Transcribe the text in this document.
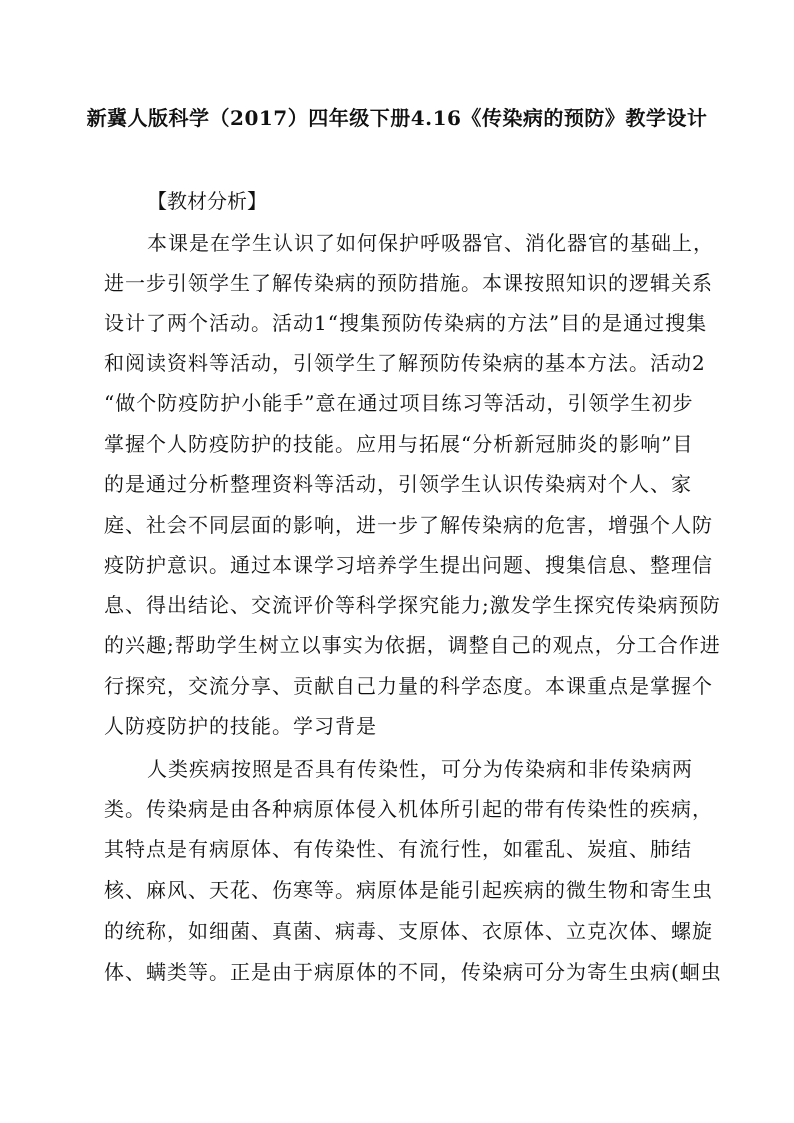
新冀人版科学（2017）四年级下册4.16《传染病的预防》教学设计
【教材分析】
本课是在学生认识了如何保护呼吸器官、消化器官的基础上，
进一步引领学生了解传染病的预防措施。本课按照知识的逻辑关系
设计了两个活动。活动1“搜集预防传染病的方法”目的是通过搜集
和阅读资料等活动，引领学生了解预防传染病的基本方法。活动2
“做个防疫防护小能手”意在通过项目练习等活动，引领学生初步
掌握个人防疫防护的技能。应用与拓展“分析新冠肺炎的影响”目
的是通过分析整理资料等活动，引领学生认识传染病对个人、家
庭、社会不同层面的影响，进一步了解传染病的危害，增强个人防
疫防护意识。通过本课学习培养学生提出问题、搜集信息、整理信
息、得出结论、交流评价等科学探究能力;激发学生探究传染病预防
的兴趣;帮助学生树立以事实为依据，调整自己的观点，分工合作进
行探究，交流分享、贡献自己力量的科学态度。本课重点是掌握个
人防疫防护的技能。学习背是
人类疾病按照是否具有传染性，可分为传染病和非传染病两
类。传染病是由各种病原体侵入机体所引起的带有传染性的疾病，
其特点是有病原体、有传染性、有流行性，如霍乱、炭疽、肺结
核、麻风、天花、伤寒等。病原体是能引起疾病的微生物和寄生虫
的统称，如细菌、真菌、病毒、支原体、衣原体、立克次体、螺旋
体、螨类等。正是由于病原体的不同，传染病可分为寄生虫病(蛔虫
